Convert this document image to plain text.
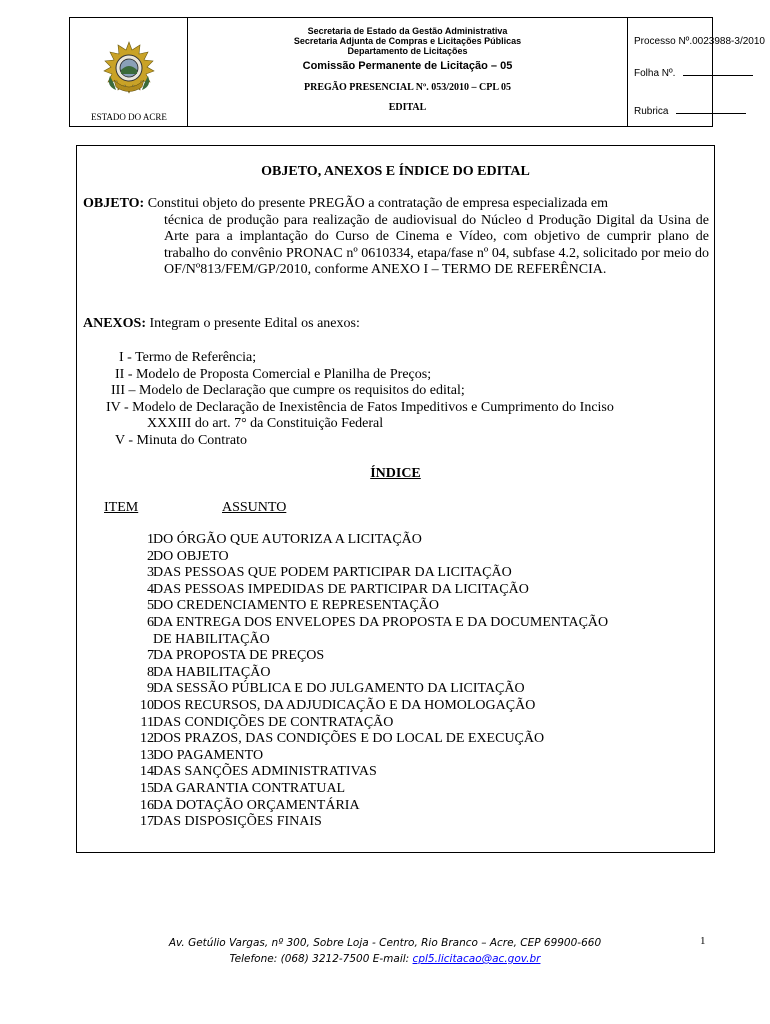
ESTADO DO ACRE
Secretaria de Estado da Gestão Administrativa
Secretaria Adjunta de Compras e Licitações Públicas
Departamento de Licitações
Comissão Permanente de Licitação – 05
PREGÃO PRESENCIAL Nº. 053/2010 – CPL 05
EDITAL
Processo Nº.0023988-3/2010
Folha Nº.
Rubrica
OBJETO, ANEXOS E ÍNDICE DO EDITAL
OBJETO: Constitui objeto do presente PREGÃO a contratação de empresa especializada em
técnica de produção para realização de audiovisual do Núcleo d Produção Digital da Usina de Arte para a implantação do Curso de Cinema e Vídeo, com objetivo de cumprir plano de trabalho do convênio PRONAC nº 0610334, etapa/fase nº 04, subfase 4.2, solicitado por meio do OF/Nº813/FEM/GP/2010, conforme ANEXO I – TERMO DE REFERÊNCIA.
ANEXOS: Integram o presente Edital os anexos:
I - Termo de Referência;
II - Modelo de Proposta Comercial e Planilha de Preços;
III – Modelo de Declaração que cumpre os requisitos do edital;
IV - Modelo de Declaração de Inexistência de Fatos Impeditivos e Cumprimento do Inciso
XXXIII do art. 7° da Constituição Federal
V - Minuta do Contrato
ÍNDICE
ITEM	ASSUNTO
1 DO ÓRGÃO QUE AUTORIZA A LICITAÇÃO
2 DO OBJETO
3 DAS PESSOAS QUE PODEM PARTICIPAR DA LICITAÇÃO
4 DAS PESSOAS IMPEDIDAS DE PARTICIPAR DA LICITAÇÃO
5 DO CREDENCIAMENTO E REPRESENTAÇÃO
6 DA ENTREGA DOS ENVELOPES DA PROPOSTA E DA DOCUMENTAÇÃO
DE HABILITAÇÃO
7 DA PROPOSTA DE PREÇOS
8 DA HABILITAÇÃO
9 DA SESSÃO PÚBLICA E DO JULGAMENTO DA LICITAÇÃO
10 DOS RECURSOS, DA ADJUDICAÇÃO E DA HOMOLOGAÇÃO
11 DAS CONDIÇÕES DE CONTRATAÇÃO
12 DOS PRAZOS, DAS CONDIÇÕES E DO LOCAL DE EXECUÇÃO
13 DO PAGAMENTO
14 DAS SANÇÕES ADMINISTRATIVAS
15 DA GARANTIA CONTRATUAL
16 DA DOTAÇÃO ORÇAMENTÁRIA
17 DAS DISPOSIÇÕES FINAIS
Av. Getúlio Vargas, nº 300, Sobre Loja - Centro, Rio Branco – Acre, CEP 69900-660
Telefone: (068) 3212-7500 E-mail: cpl5.licitacao@ac.gov.br
1
